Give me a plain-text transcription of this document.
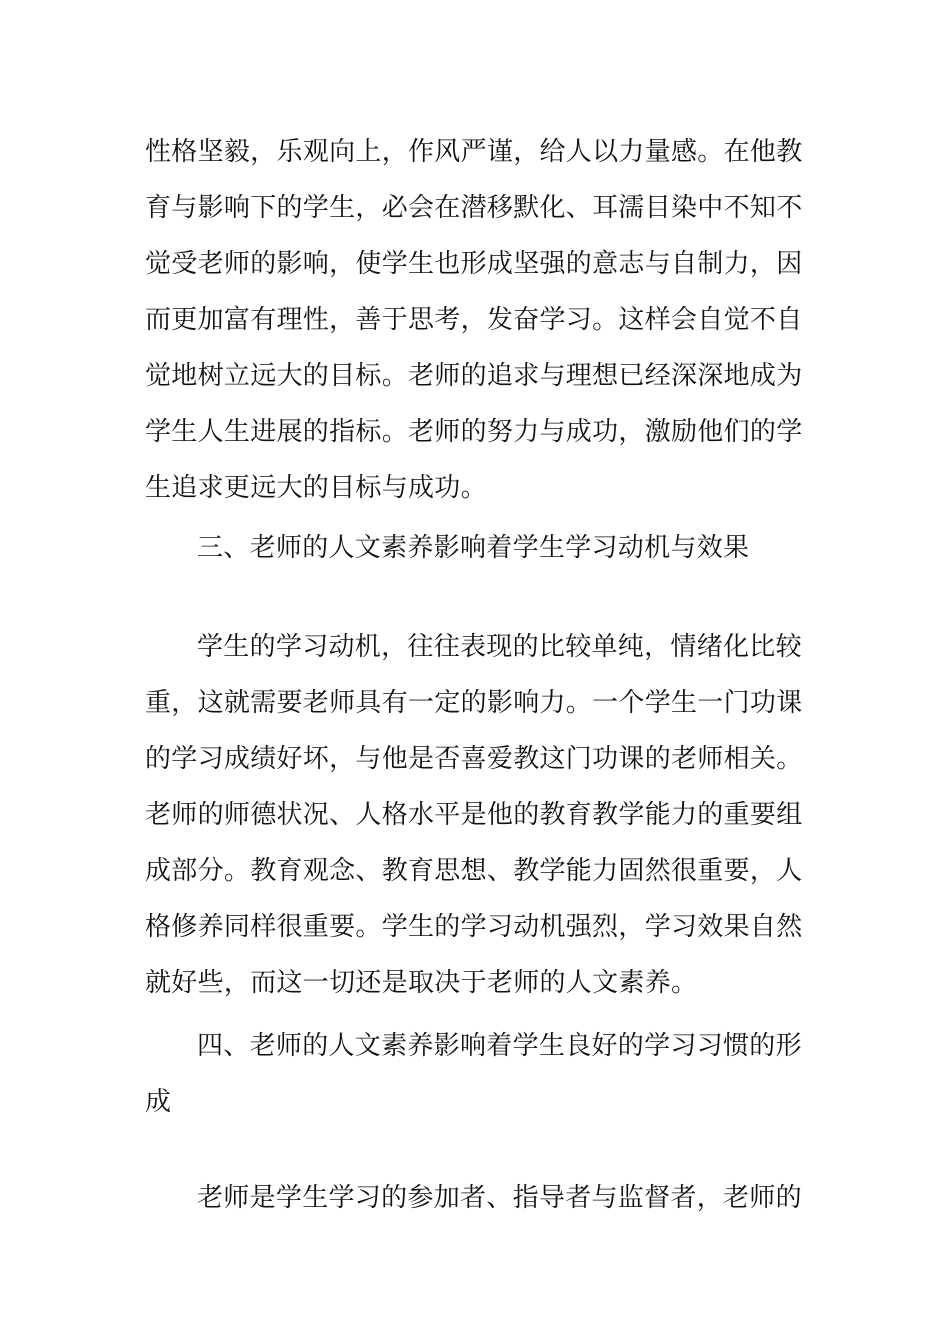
性格坚毅，乐观向上，作风严谨，给人以力量感。在他教
育与影响下的学生，必会在潜移默化、耳濡目染中不知不
觉受老师的影响，使学生也形成坚强的意志与自制力，因
而更加富有理性，善于思考，发奋学习。这样会自觉不自
觉地树立远大的目标。老师的追求与理想已经深深地成为
学生人生进展的指标。老师的努力与成功，激励他们的学
生追求更远大的目标与成功。
三、老师的人文素养影响着学生学习动机与效果
学生的学习动机，往往表现的比较单纯，情绪化比较
重，这就需要老师具有一定的影响力。一个学生一门功课
的学习成绩好坏，与他是否喜爱教这门功课的老师相关。
老师的师德状况、人格水平是他的教育教学能力的重要组
成部分。教育观念、教育思想、教学能力固然很重要，人
格修养同样很重要。学生的学习动机强烈，学习效果自然
就好些，而这一切还是取决于老师的人文素养。
四、老师的人文素养影响着学生良好的学习习惯的形
成
老师是学生学习的参加者、指导者与监督者，老师的
